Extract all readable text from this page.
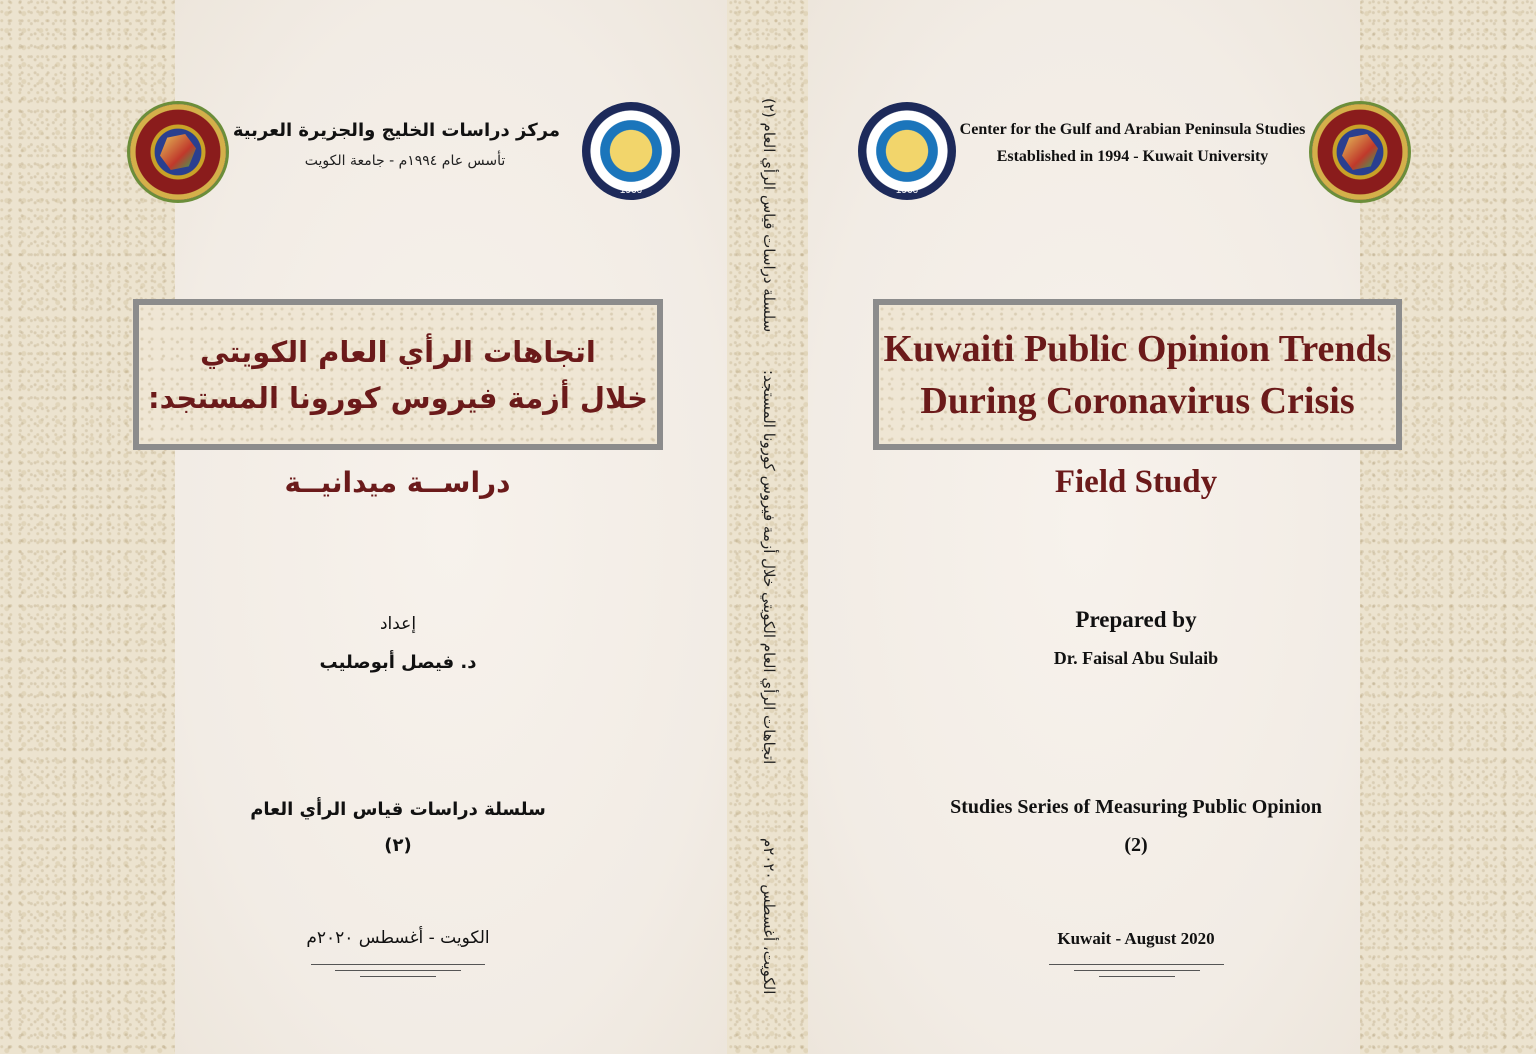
1966
مركز دراسات الخليج والجزيرة العربية
تأسس عام ١٩٩٤م - جامعة الكويت
اتجاهات الرأي العام الكويتي
خلال أزمة فيروس كورونا المستجد:
دراســة ميدانيــة
إعداد
د. فيصل أبوصليب
سلسلة دراسات قياس الرأي العام
(٢)
الكويت - أغسطس ٢٠٢٠م
سلسلة دراسات قياس الرأي العام (٢)
اتجاهات الرأي العام الكويتي خلال أزمة فيروس كورونا المستجد:
الكويت، أغسطس ٢٠٢٠م
1966
Center for the Gulf and Arabian Peninsula Studies
Established in 1994 - Kuwait University
Kuwaiti Public Opinion Trends
During Coronavirus Crisis
Field Study
Prepared by
Dr. Faisal Abu Sulaib
Studies Series of Measuring Public Opinion
(2)
Kuwait - August 2020
